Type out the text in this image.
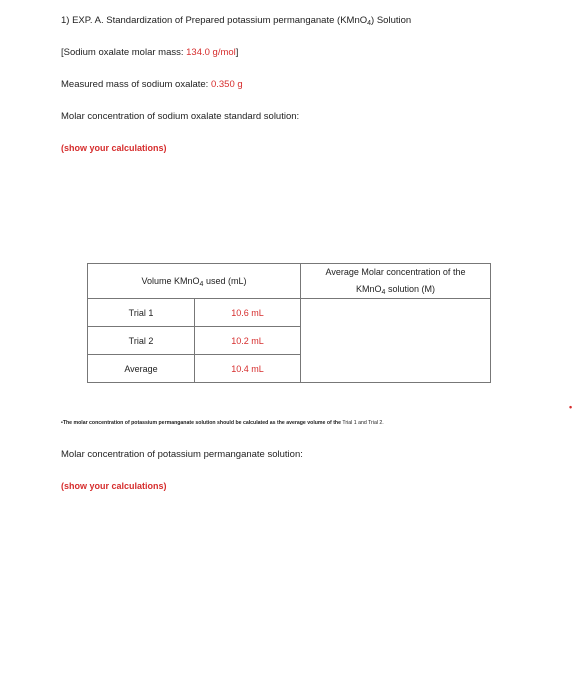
1) EXP. A. Standardization of Prepared potassium permanganate (KMnO$_4$) Solution
[Sodium oxalate molar mass: 134.0 g/mol]
Measured mass of sodium oxalate: 0.350 g
Molar concentration of sodium oxalate standard solution:
(show your calculations)
Volume KMnO$_4$ used (mL)		Average Molar concentration of the
KMnO$_4$ solution (M)

Trial 1	10.6 mL	
Trial 2	10.2 mL	
Average	10.4 mL	
•
•The molar concentration of potassium permanganate solution should be calculated as the average volume of the Trial 1 and Trial 2.
Molar concentration of potassium permanganate solution:
(show your calculations)
